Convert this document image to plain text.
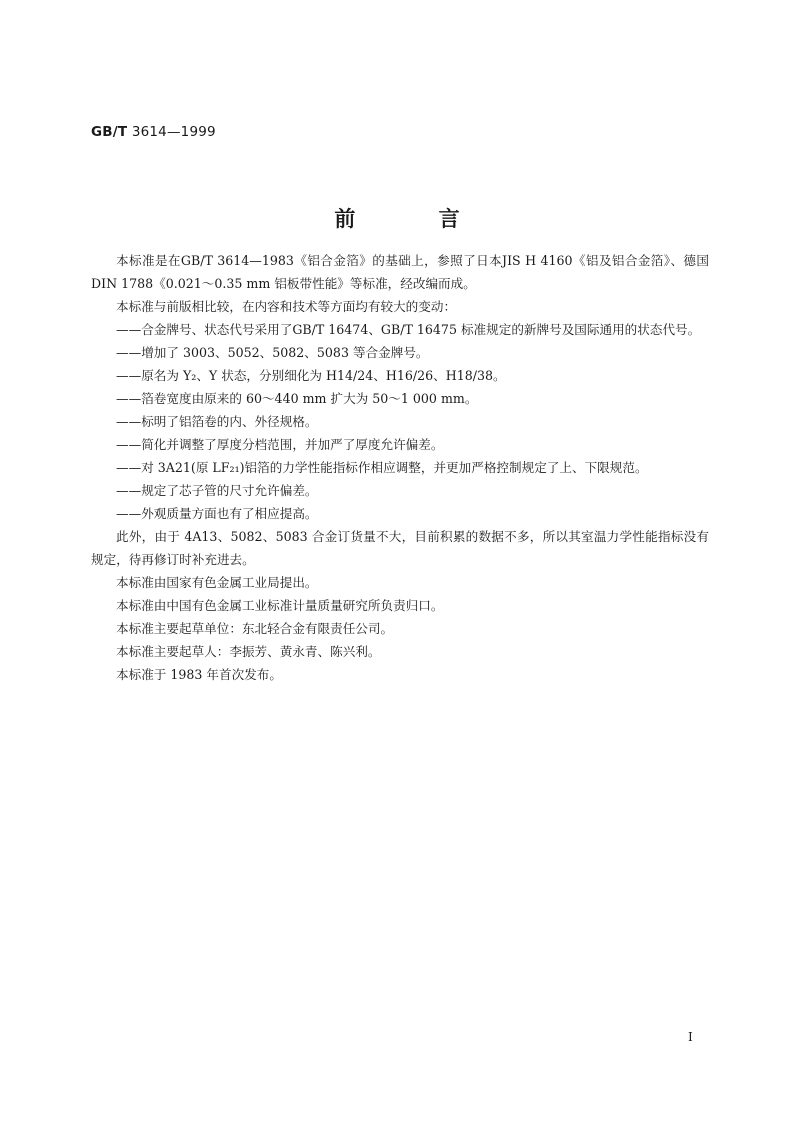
GB/T 3614—1999
前 言

本标准是在GB/T 3614—1983《铝合金箔》的基础上，参照了日本JIS H 4160《铝及铝合金箔》、德国DIN 1788《0.021～0.35 mm 铝板带性能》等标准，经改编而成。

本标准与前版相比较，在内容和技术等方面均有较大的变动：

——合金牌号、状态代号采用了GB/T 16474、GB/T 16475 标准规定的新牌号及国际通用的状态代号。

——增加了 3003、5052、5082、5083 等合金牌号。

——原名为 Y₂、Y 状态，分别细化为 H14/24、H16/26、H18/38。

——箔卷宽度由原来的 60～440 mm 扩大为 50～1 000 mm。

——标明了铝箔卷的内、外径规格。

——简化并调整了厚度分档范围，并加严了厚度允许偏差。

——对 3A21(原 LF₂₁)铝箔的力学性能指标作相应调整，并更加严格控制规定了上、下限规范。

——规定了芯子管的尺寸允许偏差。

——外观质量方面也有了相应提高。

此外，由于 4A13、5082、5083 合金订货量不大，目前积累的数据不多，所以其室温力学性能指标没有规定，待再修订时补充进去。

本标准由国家有色金属工业局提出。

本标准由中国有色金属工业标准计量质量研究所负责归口。

本标准主要起草单位：东北轻合金有限责任公司。

本标准主要起草人：李振芳、黄永青、陈兴利。

本标准于 1983 年首次发布。

I
